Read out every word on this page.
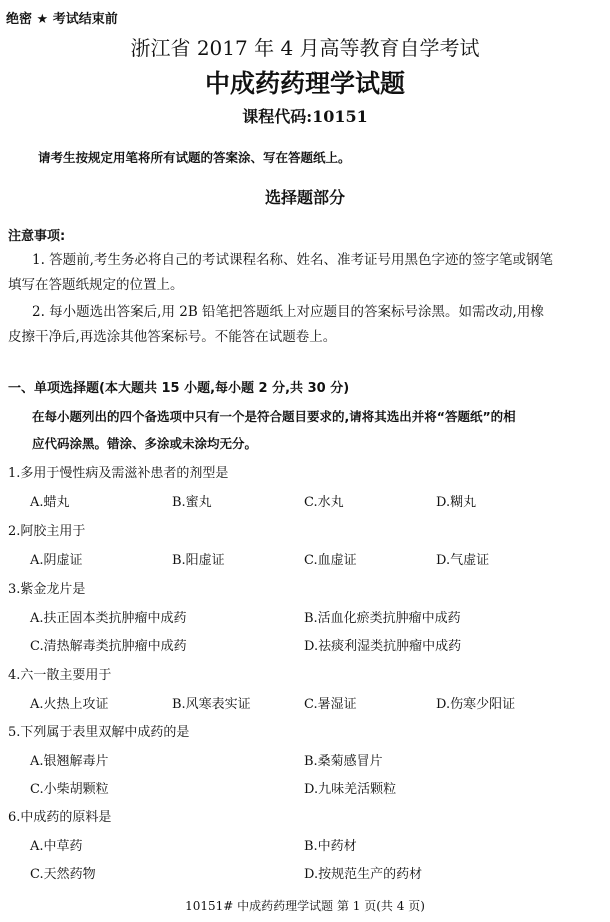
绝密 ★ 考试结束前
浙江省 2017 年 4 月高等教育自学考试
中成药药理学试题
课程代码:10151
请考生按规定用笔将所有试题的答案涂、写在答题纸上。
选择题部分
注意事项:
1. 答题前,考生务必将自己的考试课程名称、姓名、准考证号用黑色字迹的签字笔或钢笔
填写在答题纸规定的位置上。
2. 每小题选出答案后,用 2B 铅笔把答题纸上对应题目的答案标号涂黑。如需改动,用橡
皮擦干净后,再选涂其他答案标号。不能答在试题卷上。
一、单项选择题(本大题共 15 小题,每小题 2 分,共 30 分)
在每小题列出的四个备选项中只有一个是符合题目要求的,请将其选出并将“答题纸”的相
应代码涂黑。错涂、多涂或未涂均无分。
1.多用于慢性病及需滋补患者的剂型是
A.蜡丸	B.蜜丸	C.水丸	D.糊丸
2.阿胶主用于
A.阴虚证	B.阳虚证	C.血虚证	D.气虚证
3.紫金龙片是
A.扶正固本类抗肿瘤中成药	B.活血化瘀类抗肿瘤中成药
C.清热解毒类抗肿瘤中成药	D.祛痰利湿类抗肿瘤中成药
4.六一散主要用于
A.火热上攻证	B.风寒表实证	C.暑湿证	D.伤寒少阳证
5.下列属于表里双解中成药的是
A.银翘解毒片	B.桑菊感冒片
C.小柴胡颗粒	D.九味羌活颗粒
6.中成药的原料是
A.中草药	B.中药材
C.天然药物	D.按规范生产的药材
10151# 中成药药理学试题 第 1 页(共 4 页)
